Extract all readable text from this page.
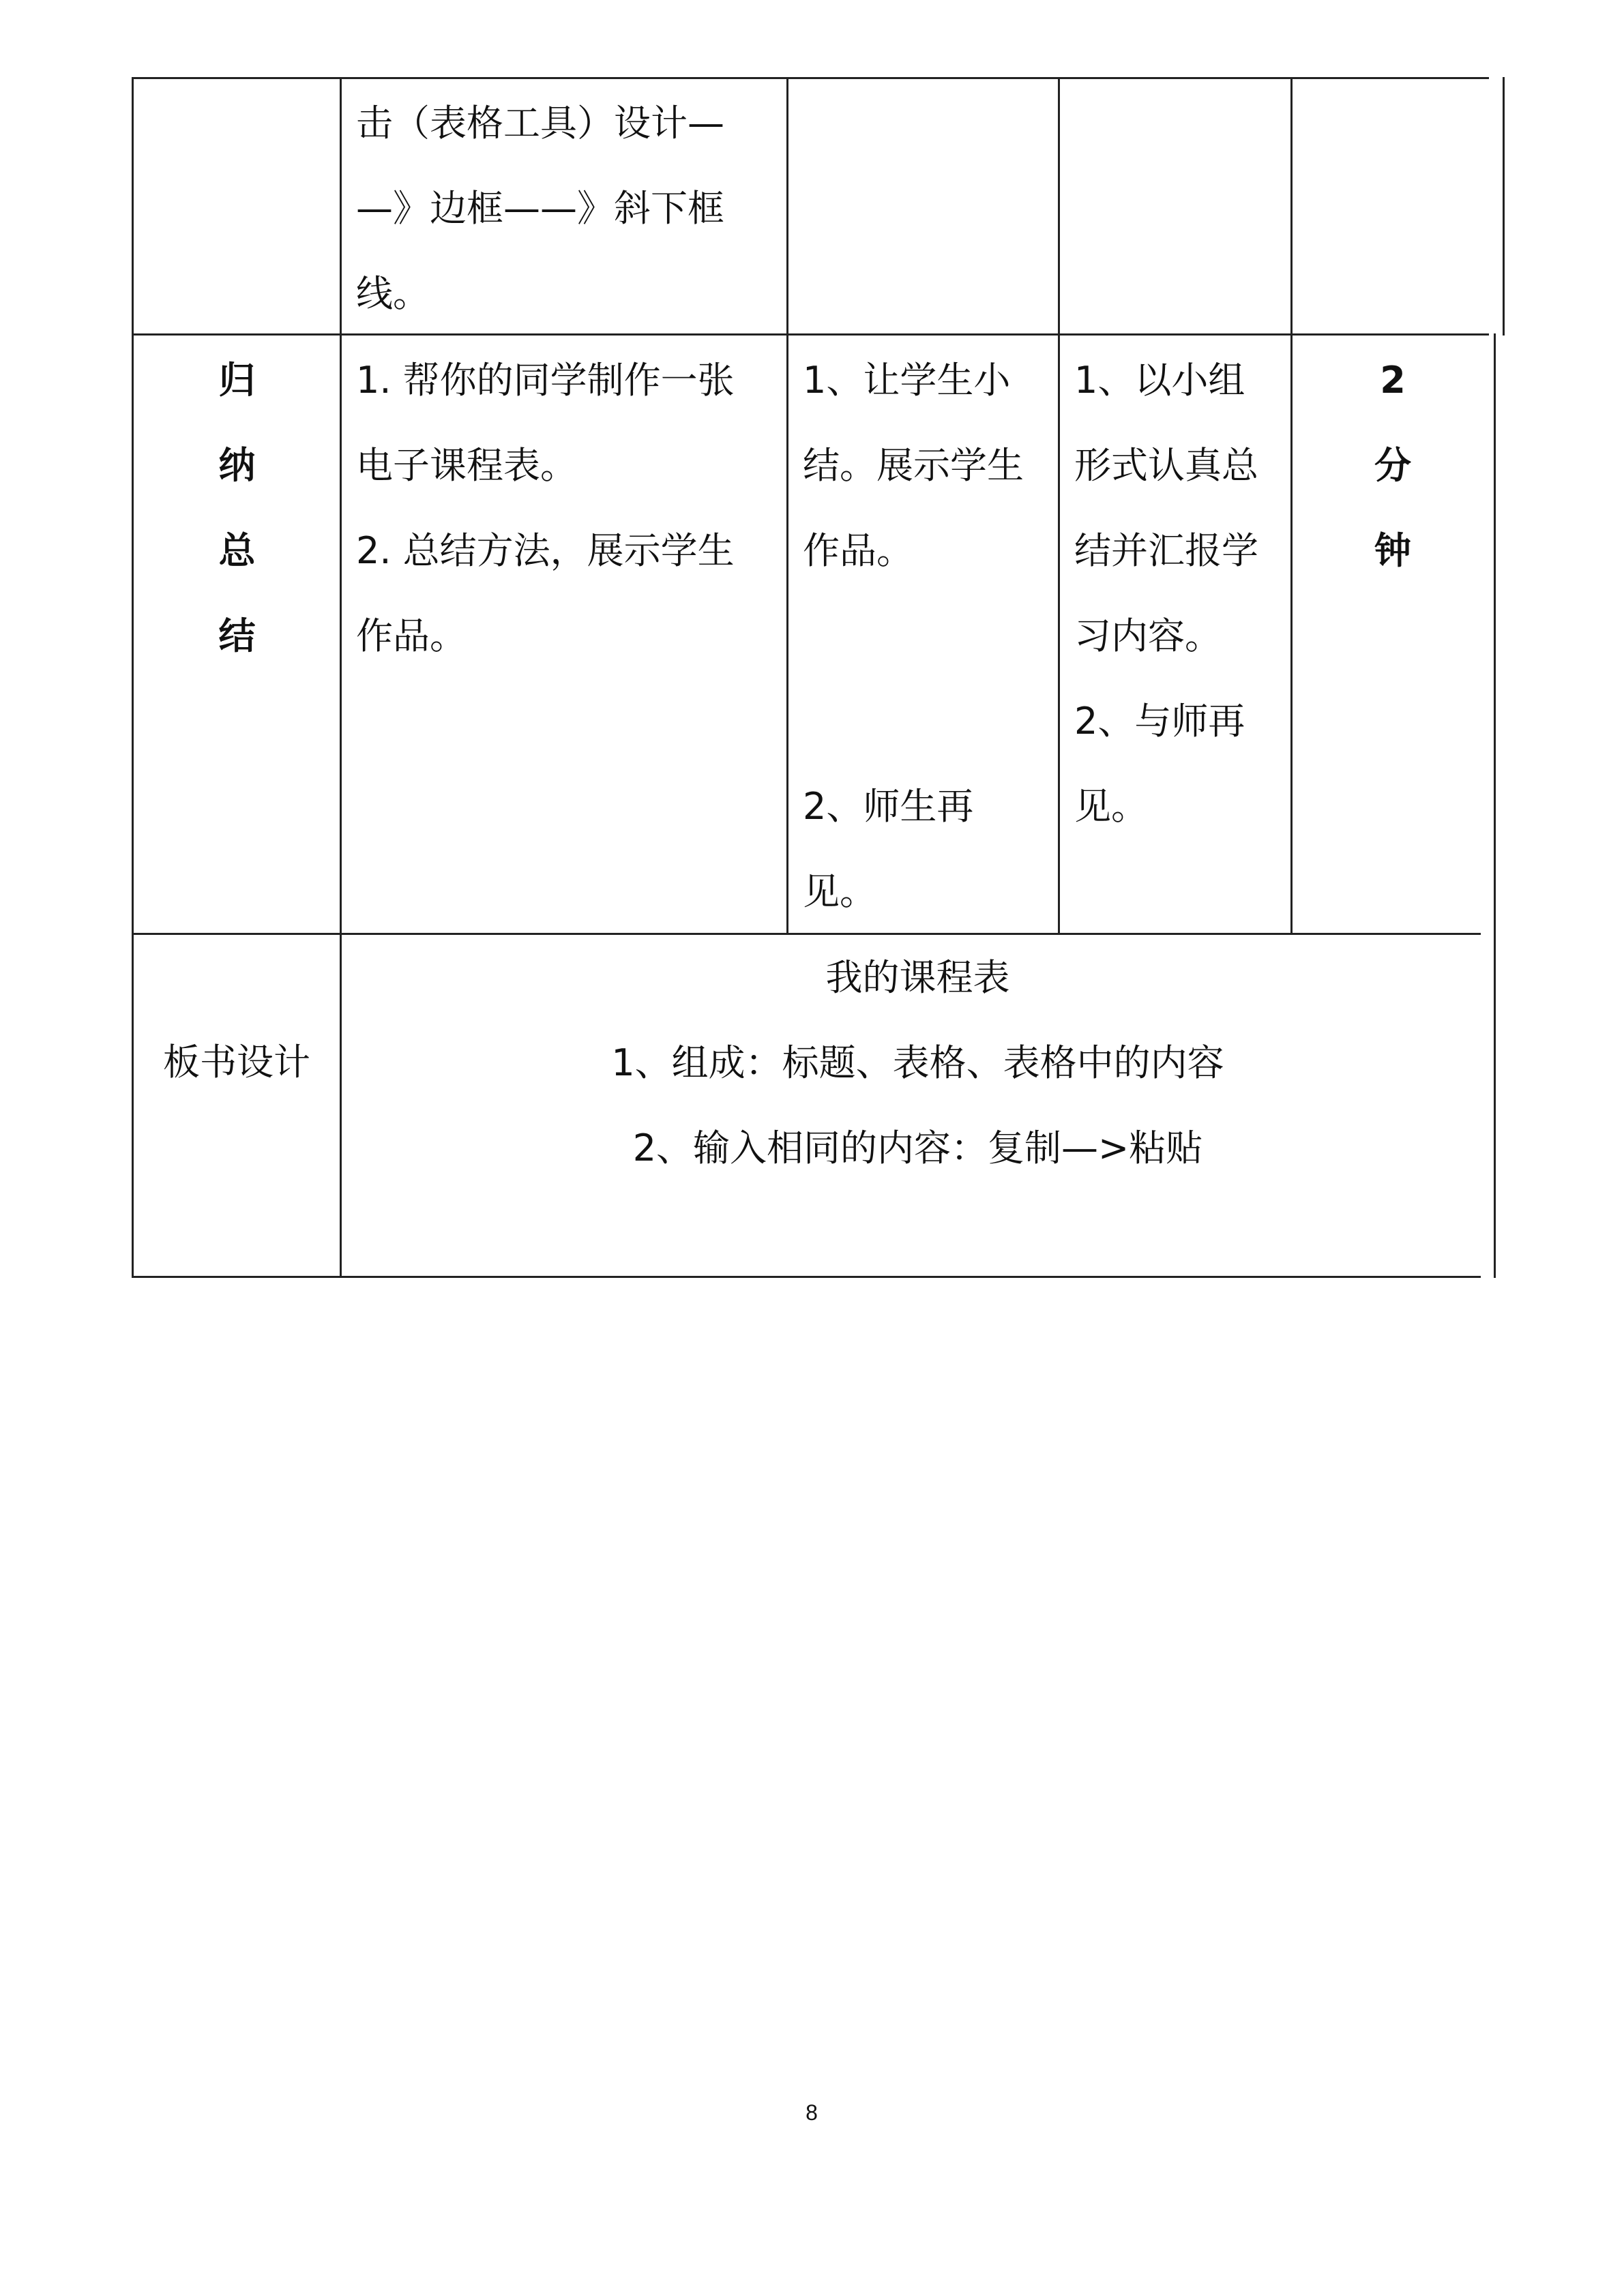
击（表格工具）设计—
—》边框——》斜下框
线。
归
纳
总
结
1. 帮你的同学制作一张
电子课程表。
2. 总结方法，展示学生
作品。
1、让学生小
结。展示学生
作品。
2、师生再
见。
1、以小组
形式认真总
结并汇报学
习内容。
2、与师再
见。
2
分
钟
板书设计
我的课程表
1、组成：标题、表格、表格中的内容
2、输入相同的内容：复制—>粘贴
8
